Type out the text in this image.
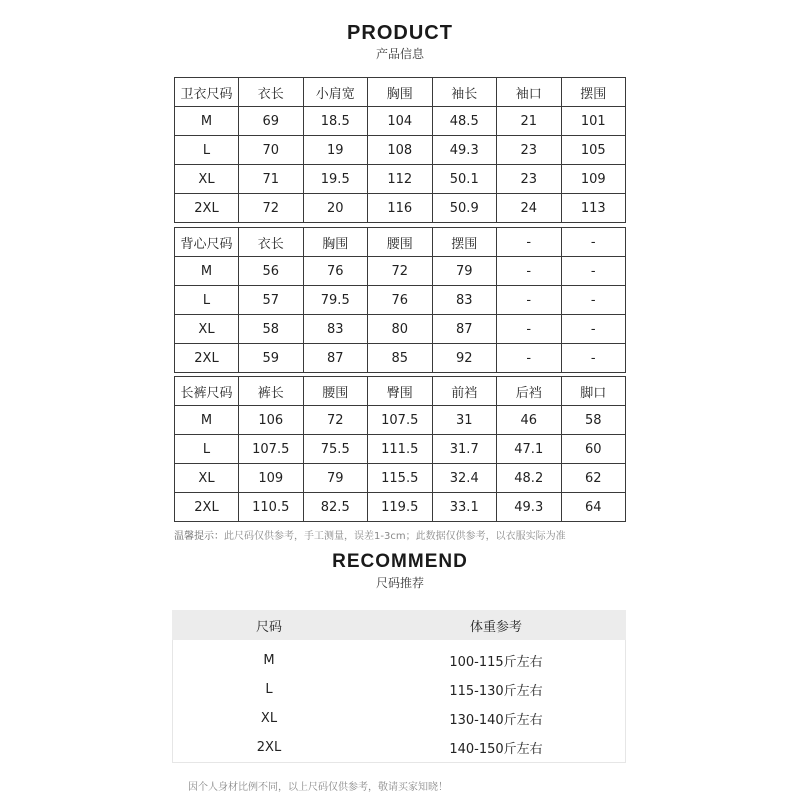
PRODUCT
产品信息
卫衣尺码	衣长	小肩宽	胸围	袖长	袖口	摆围
M	69	18.5	104	48.5	21	101
L	70	19	108	49.3	23	105
XL	71	19.5	112	50.1	23	109
2XL	72	20	116	50.9	24	113
背心尺码	衣长	胸围	腰围	摆围	-	-
M	56	76	72	79	-	-
L	57	79.5	76	83	-	-
XL	58	83	80	87	-	-
2XL	59	87	85	92	-	-
长裤尺码	裤长	腰围	臀围	前裆	后裆	脚口
M	106	72	107.5	31	46	58
L	107.5	75.5	111.5	31.7	47.1	60
XL	109	79	115.5	32.4	48.2	62
2XL	110.5	82.5	119.5	33.1	49.3	64
温馨提示：此尺码仅供参考，手工测量，误差1-3cm；此数据仅供参考，以衣服实际为准
RECOMMEND
尺码推荐
尺码	体重参考
M	100-115斤左右
L	115-130斤左右
XL	130-140斤左右
2XL	140-150斤左右
因个人身材比例不同，以上尺码仅供参考，敬请买家知晓！
